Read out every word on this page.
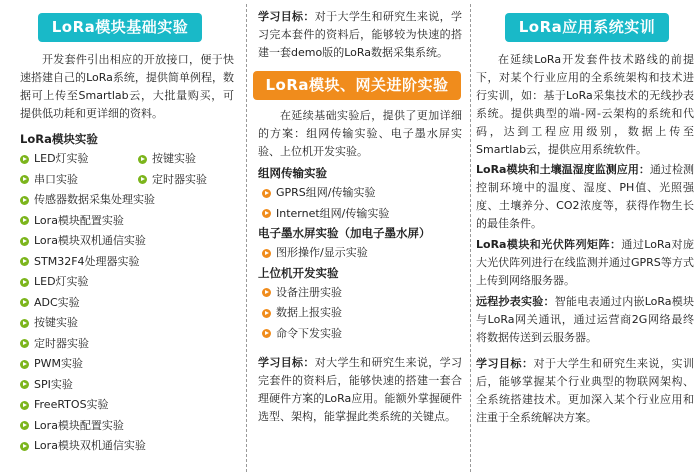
LoRa模块基础实验

开发套件引出相应的开放接口，便于快速搭建自己的LoRa系统，提供简单例程，数据可上传至Smartlab云，大批量购买，可提供低功耗和更详细的资料。

LoRa模块实验
LED灯实验	按键实验
串口实验	定时器实验
传感器数据采集处理实验
Lora模块配置实验
Lora模块双机通信实验
STM32F4处理器实验
LED灯实验
ADC实验
按键实验
定时器实验
PWM实验
SPI实验
FreeRTOS实验
Lora模块配置实验
Lora模块双机通信实验

学习目标：对于大学生和研究生来说，学习完本套件的资料后，能够较为快速的搭建一套demo版的LoRa数据采集系统。

LoRa模块、网关进阶实验

在延续基础实验后，提供了更加详细的方案：组网传输实验、电子墨水屏实验、上位机开发实验。

组网传输实验
GPRS组网/传输实验
Internet组网/传输实验
电子墨水屏实验（加电子墨水屏）
图形操作/显示实验
上位机开发实验
设备注册实验
数据上报实验
命令下发实验

学习目标：对大学生和研究生来说，学习完套件的资料后，能够快速的搭建一套合理硬件方案的LoRa应用。能额外掌握硬件选型、架构，能掌握此类系统的关键点。

LoRa应用系统实训

在延续LoRa开发套件技术路线的前提下，对某个行业应用的全系统架构和技术进行实训，如：基于LoRa采集技术的无线抄表系统。提供典型的端-网-云架构的系统和代码，达到工程应用级别，数据上传至Smartlab云，提供应用系统软件。

LoRa模块和土壤温湿度监测应用：通过检测控制环境中的温度、湿度、PH值、光照强度、土壤养分、CO2浓度等，获得作物生长的最佳条件。

LoRa模块和光伏阵列矩阵：通过LoRa对庞大光伏阵列进行在线监测并通过GPRS等方式上传到网络服务器。

远程抄表实验：智能电表通过内嵌LoRa模块与LoRa网关通讯，通过运营商2G网络最终将数据传送到云服务器。

学习目标：对于大学生和研究生来说，实训后，能够掌握某个行业典型的物联网架构、全系统搭建技术。更加深入某个行业应用和注重于全系统解决方案。
